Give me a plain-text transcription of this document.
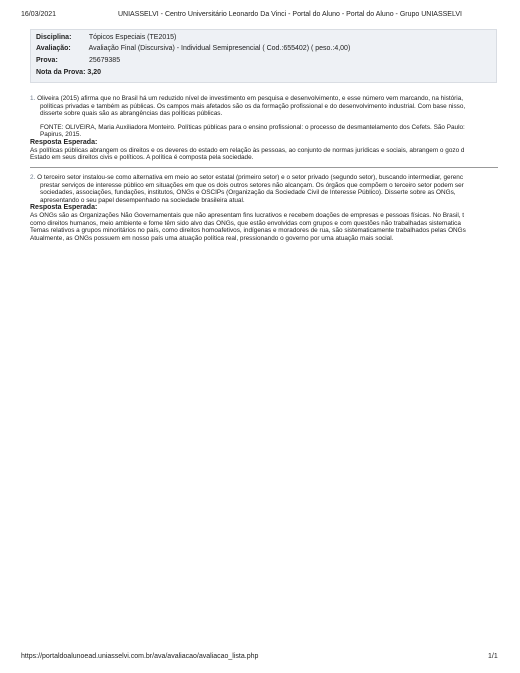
16/03/2021	UNIASSELVI - Centro Universitário Leonardo Da Vinci - Portal do Aluno - Portal do Aluno - Grupo UNIASSELVI
Disciplina: Tópicos Especiais (TE2015)
Avaliação:	Avaliação Final (Discursiva) - Individual Semipresencial ( Cod.:655402) ( peso.:4,00)
Prova:	25679385
Nota da Prova: 3,20
1. Oliveira (2015) afirma que no Brasil há um reduzido nível de investimento em pesquisa e desenvolvimento, e esse número vem marcando, na história,
políticas privadas e também as públicas. Os campos mais afetados são os da formação profissional e do desenvolvimento industrial. Com base nisso,
disserte sobre quais são as abrangências das políticas públicas.
FONTE: OLIVEIRA, Maria Auxiliadora Monteiro. Políticas públicas para o ensino profissional: o processo de desmantelamento dos Cefets. São Paulo:
Papirus, 2015.
Resposta Esperada:
As políticas públicas abrangem os direitos e os deveres do estado em relação às pessoas, ao conjunto de normas jurídicas e sociais, abrangem o gozo d
Estado em seus direitos civis e políticos. A política é composta pela sociedade.
2. O terceiro setor instalou-se como alternativa em meio ao setor estatal (primeiro setor) e o setor privado (segundo setor), buscando intermediar, gerenc
prestar serviços de interesse público em situações em que os dois outros setores não alcançam. Os órgãos que compõem o terceiro setor podem ser
sociedades, associações, fundações, institutos, ONGs e OSCIPs (Organização da Sociedade Civil de Interesse Público). Disserte sobre as ONGs,
apresentando o seu papel desempenhado na sociedade brasileira atual.
Resposta Esperada:
As ONGs são as Organizações Não Governamentais que não apresentam fins lucrativos e recebem doações de empresas e pessoas físicas. No Brasil, t
como direitos humanos, meio ambiente e fome têm sido alvo das ONGs, que estão envolvidas com grupos e com questões não trabalhadas sistematica
Temas relativos a grupos minoritários no país, como direitos homoafetivos, indígenas e moradores de rua, são sistematicamente trabalhados pelas ONGs
Atualmente, as ONGs possuem em nosso país uma atuação política real, pressionando o governo por uma atuação mais social.
https://portaldoalunoead.uniasselvi.com.br/ava/avaliacao/avaliacao_lista.php	1/1
